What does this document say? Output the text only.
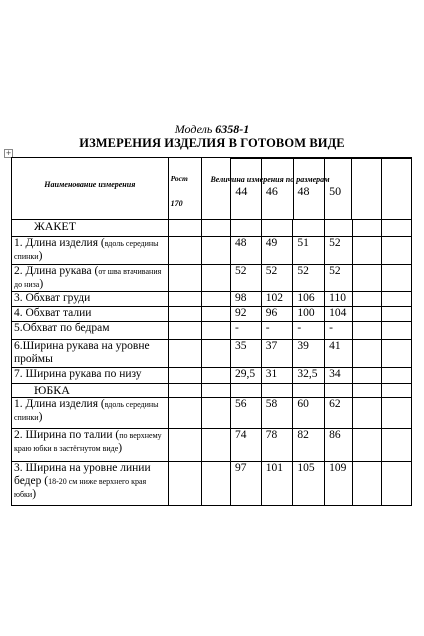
Модель 6358-1
ИЗМЕРЕНИЯ ИЗДЕЛИЯ В ГОТОВОМ ВИДЕ
+
Наименование измерения	
Рост
170

Величина измерения по размерам

44	46	48	50

ЖАКЕТ								
1. Длина изделия (вдоль середины спинки)			48	49	51	52		
2. Длина рукава (от шва втачивания до низа)			52	52	52	52		
3. Обхват груди			98	102	106	110		
4. Обхват талии			92	96	100	104		
5.Обхват по бедрам			-	-	-	-		
6.Ширина рукава на уровне проймы			35	37	39	41		
7. Ширина рукава по низу			29,5	31	32,5	34		
ЮБКА								
1. Длина изделия (вдоль середины спинки)			56	58	60	62		
2. Ширина по талии (по верхнему краю юбки в застёгнутом виде)			74	78	82	86		
3. Ширина на уровне линии бедер (18-20 см ниже верхнего края юбки)			97	101	105	109		
